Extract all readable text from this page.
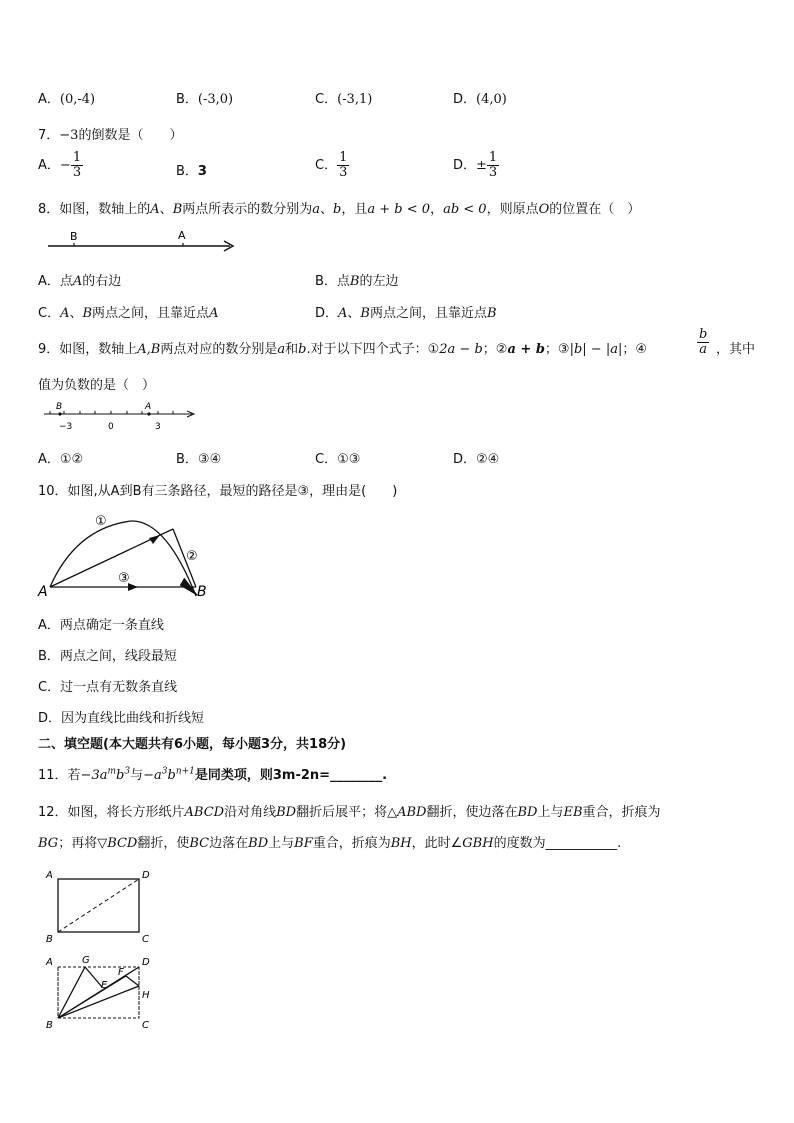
A．(0,-4)	B．(-3,0)	C．(-3,1)	D．(4,0)
7．−3的倒数是（　　）
A．− $\frac{1}{3}$	B．3	C． $\frac{1}{3}$	D．± $\frac{1}{3}$
8．如图，数轴上的A、B两点所表示的数分别为a、b，且a + b < 0，ab < 0，则原点O的位置在（　）
B	A
A．点A的右边	B．点B的左边
C．A、B两点之间，且靠近点A	D．A、B两点之间，且靠近点B
9．如图，数轴上A,B两点对应的数分别是a和b.对于以下四个式子：①2a − b；②a + b；③|b| − |a|；④	$\frac{b}{a}$ ，其中
值为负数的是（　）
B	A
−3	0	3
A．①②	B．③④	C．①③	D．②④
10．如图,从A到B有三条路径，最短的路径是③，理由是(　　)
A	B
①
②
③
A．两点确定一条直线
B．两点之间，线段最短
C．过一点有无数条直线
D．因为直线比曲线和折线短
二、填空题(本大题共有6小题，每小题3分，共18分)
11．若$-3a^mb^3$与$-a^3b^{n+1}$是同类项，则3m-2n=________.
12．如图，将长方形纸片ABCD沿对角线BD翻折后展平；将△ABD翻折，使边落在BD上与EB重合，折痕为
BG；再将▽BCD翻折，使BC边落在BD上与BF重合，折痕为BH，此时∠GBH的度数为___________.
A	D
B	C
A	G
F
D
E
H
B	C
